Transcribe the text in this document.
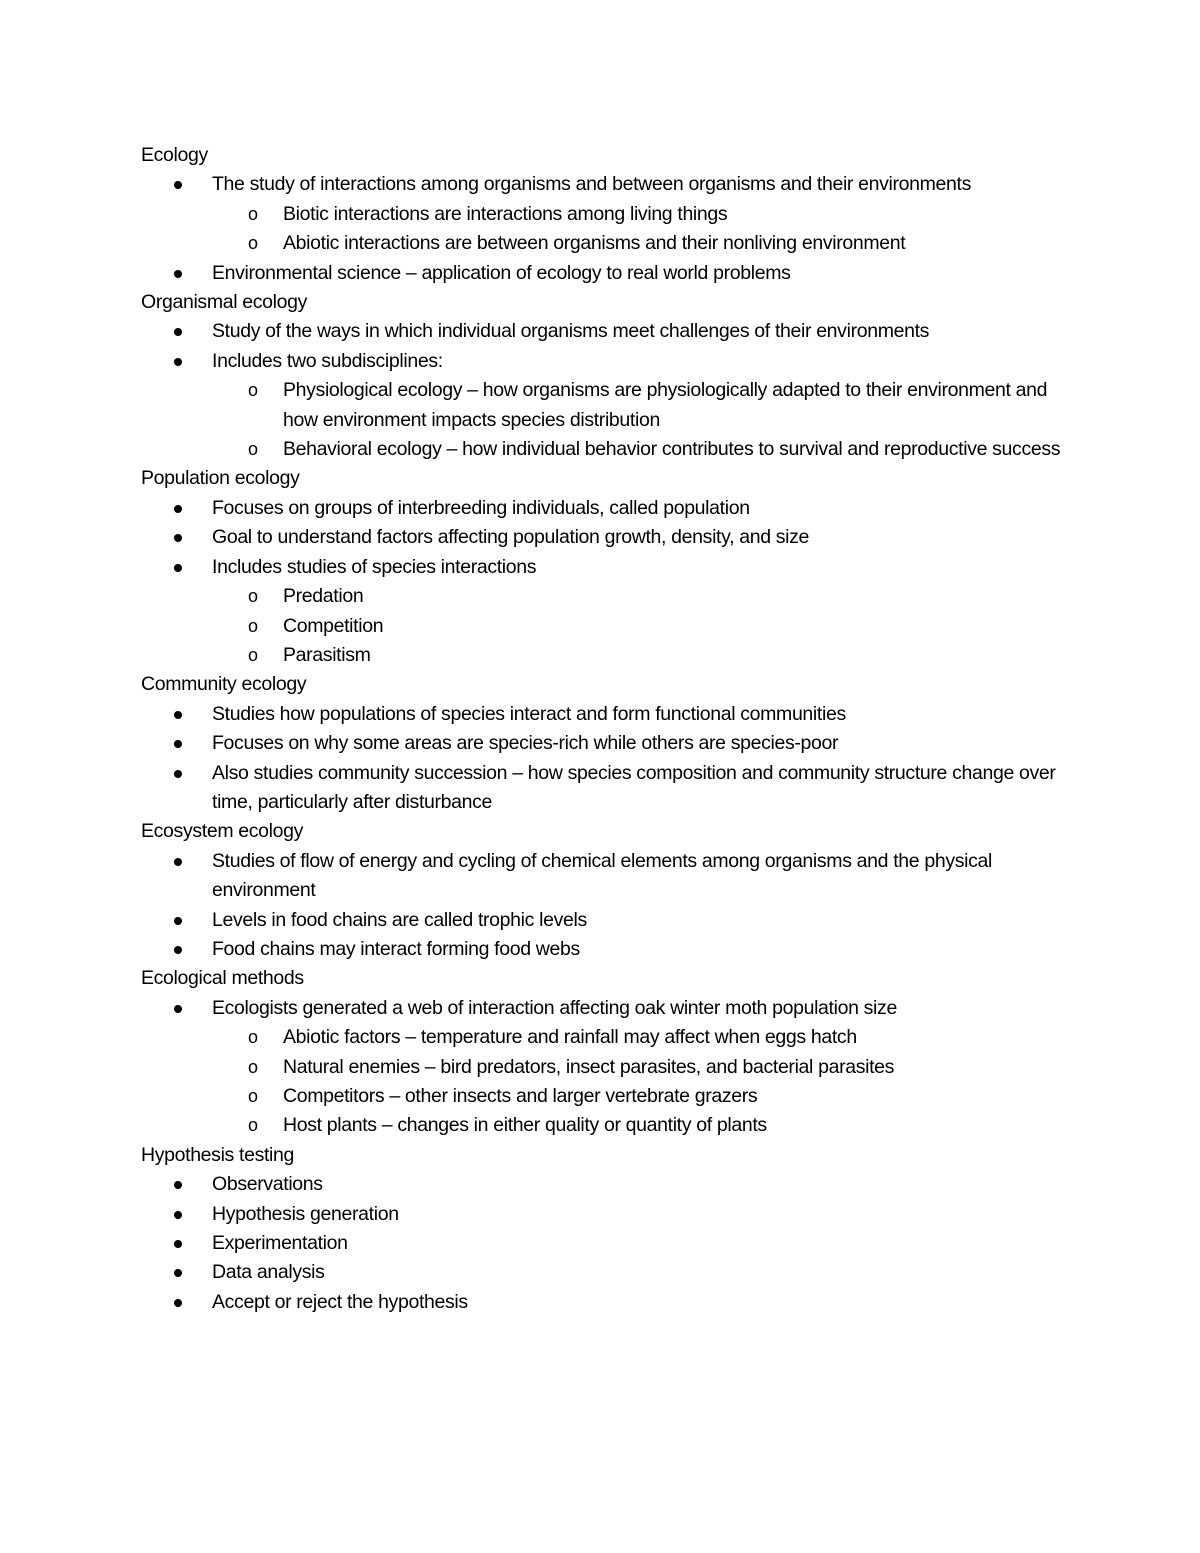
Ecology

The study of interactions among organisms and between organisms and their environments
o Biotic interactions are interactions among living things
o Abiotic interactions are between organisms and their nonliving environment
Environmental science – application of ecology to real world problems

Organismal ecology

Study of the ways in which individual organisms meet challenges of their environments
Includes two subdisciplines:
o Physiological ecology – how organisms are physiologically adapted to their environment and how environment impacts species distribution
o Behavioral ecology – how individual behavior contributes to survival and reproductive success

Population ecology

Focuses on groups of interbreeding individuals, called population
Goal to understand factors affecting population growth, density, and size
Includes studies of species interactions
o Predation
o Competition
o Parasitism

Community ecology

Studies how populations of species interact and form functional communities
Focuses on why some areas are species-rich while others are species-poor
Also studies community succession – how species composition and community structure change over time, particularly after disturbance

Ecosystem ecology

Studies of flow of energy and cycling of chemical elements among organisms and the physical environment
Levels in food chains are called trophic levels
Food chains may interact forming food webs

Ecological methods

Ecologists generated a web of interaction affecting oak winter moth population size
o Abiotic factors – temperature and rainfall may affect when eggs hatch
o Natural enemies – bird predators, insect parasites, and bacterial parasites
o Competitors – other insects and larger vertebrate grazers
o Host plants – changes in either quality or quantity of plants

Hypothesis testing

Observations
Hypothesis generation
Experimentation
Data analysis
Accept or reject the hypothesis
